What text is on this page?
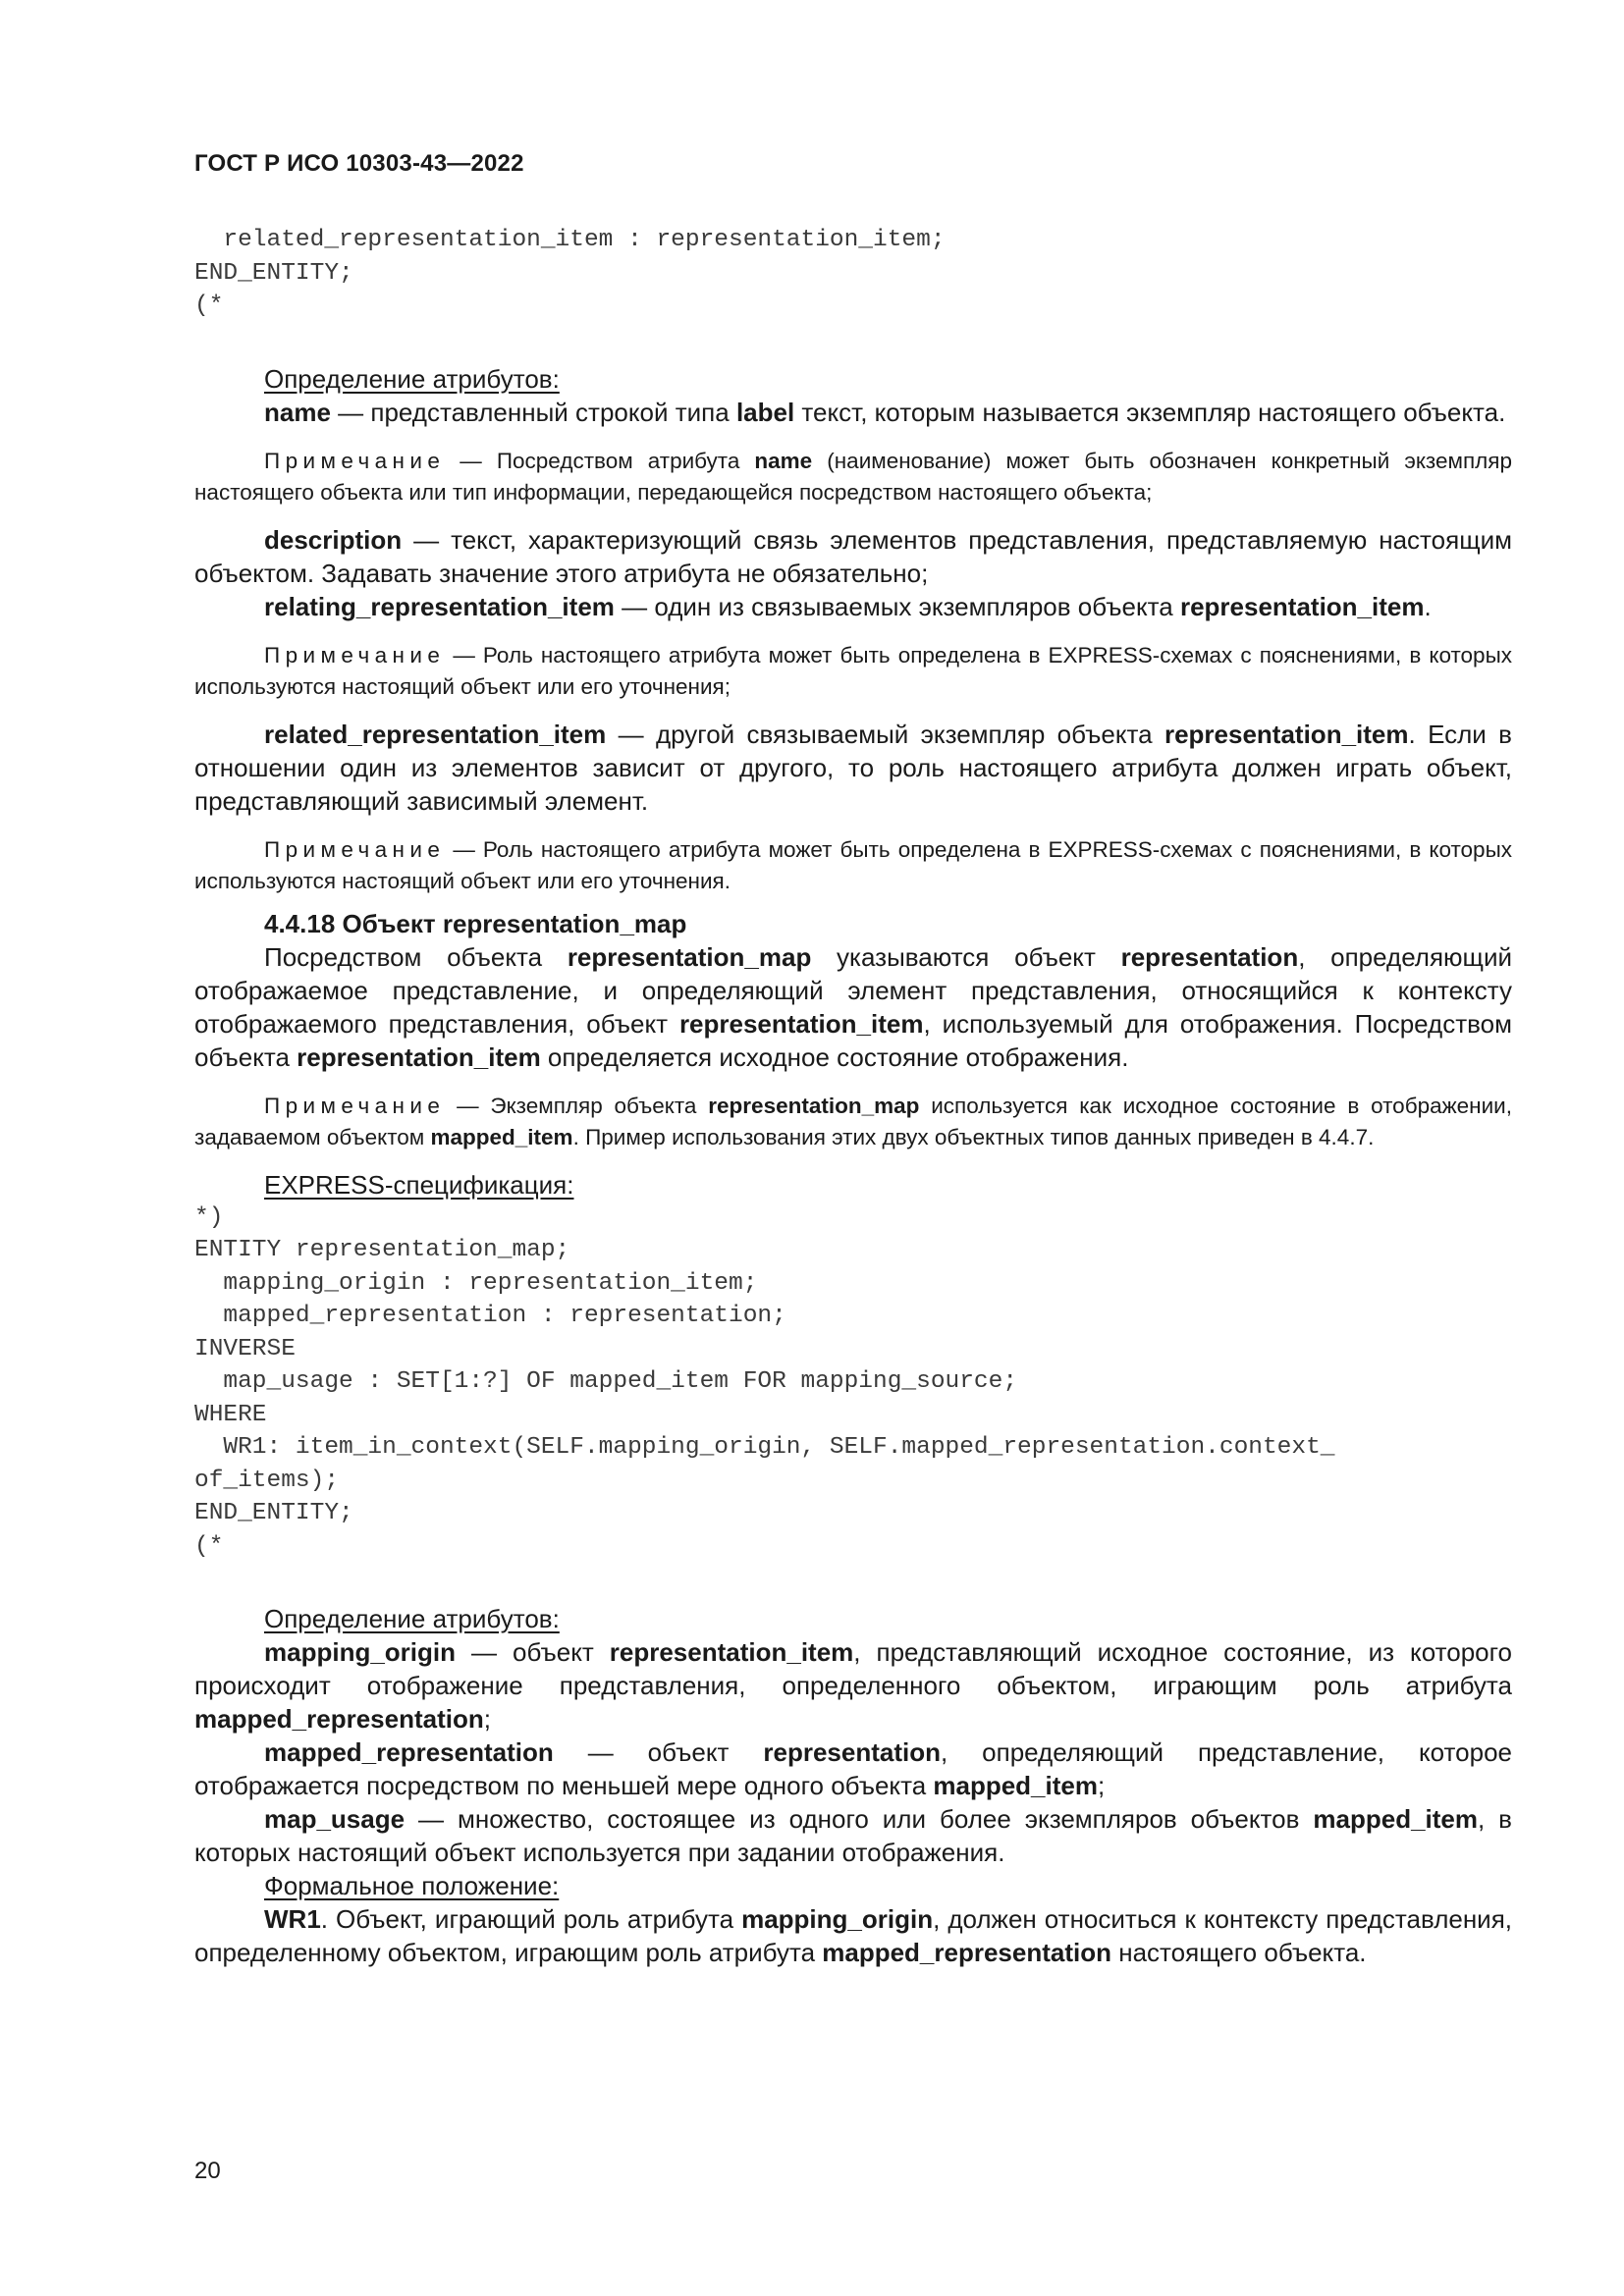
ГОСТ Р ИСО 10303-43—2022
related_representation_item : representation_item;
END_ENTITY;
(*

Определение атрибутов:

name — представленный строкой типа label текст, которым называется экземпляр настоящего объекта.

Примечание — Посредством атрибута name (наименование) может быть обозначен конкретный экземпляр настоящего объекта или тип информации, передающейся посредством настоящего объекта;

description — текст, характеризующий связь элементов представления, представляемую настоящим объектом. Задавать значение этого атрибута не обязательно;

relating_representation_item — один из связываемых экземпляров объекта representation_item.

Примечание — Роль настоящего атрибута может быть определена в EXPRESS-схемах с пояснениями, в которых используются настоящий объект или его уточнения;

related_representation_item — другой связываемый экземпляр объекта representation_item. Если в отношении один из элементов зависит от другого, то роль настоящего атрибута должен играть объект, представляющий зависимый элемент.

Примечание — Роль настоящего атрибута может быть определена в EXPRESS-схемах с пояснениями, в которых используются настоящий объект или его уточнения.

4.4.18 Объект representation_map

Посредством объекта representation_map указываются объект representation, определяющий отображаемое представление, и определяющий элемент представления, относящийся к контексту отображаемого представления, объект representation_item, используемый для отображения. Посредством объекта representation_item определяется исходное состояние отображения.

Примечание — Экземпляр объекта representation_map используется как исходное состояние в отображении, задаваемом объектом mapped_item. Пример использования этих двух объектных типов данных приведен в 4.4.7.

EXPRESS-спецификация:

*)
ENTITY representation_map;
mapping_origin : representation_item;
mapped_representation : representation;
INVERSE
map_usage : SET[1:?] OF mapped_item FOR mapping_source;
WHERE
WR1: item_in_context(SELF.mapping_origin, SELF.mapped_representation.context_
of_items);
END_ENTITY;
(*

Определение атрибутов:

mapping_origin — объект representation_item, представляющий исходное состояние, из которого происходит отображение представления, определенного объектом, играющим роль атрибута mapped_representation;

mapped_representation — объект representation, определяющий представление, которое отображается посредством по меньшей мере одного объекта mapped_item;

map_usage — множество, состоящее из одного или более экземпляров объектов mapped_item, в которых настоящий объект используется при задании отображения.

Формальное положение:

WR1. Объект, играющий роль атрибута mapping_origin, должен относиться к контексту представления, определенному объектом, играющим роль атрибута mapped_representation настоящего объекта.

20
